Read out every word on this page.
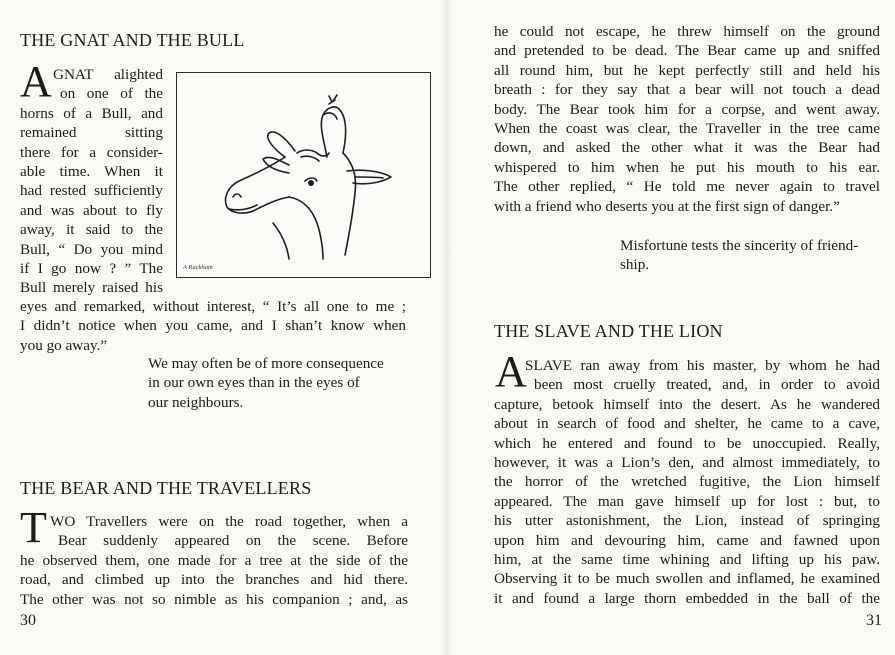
THE GNAT AND THE BULL
A GNAT alighted
on one of the
horns of a Bull, and
remained sitting
there for a consider-
able time. When it
had rested sufficiently
and was about to fly
away, it said to the
Bull, “ Do you mind
if I go now ? ” The
Bull merely raised his
eyes and remarked, without interest, “ It’s all one to me ;
I didn’t notice when you came, and I shan’t know when
you go away.”
We may often be of more consequence
in our own eyes than in the eyes of
our neighbours.
A Rackham
THE BEAR AND THE TRAVELLERS
T WO Travellers were on the road together, when a
Bear suddenly appeared on the scene. Before
he observed them, one made for a tree at the side of the
road, and climbed up into the branches and hid there.
The other was not so nimble as his companion ; and, as
30
he could not escape, he threw himself on the ground
and pretended to be dead. The Bear came up and sniffed
all round him, but he kept perfectly still and held his
breath : for they say that a bear will not touch a dead
body. The Bear took him for a corpse, and went away.
When the coast was clear, the Traveller in the tree came
down, and asked the other what it was the Bear had
whispered to him when he put his mouth to his ear.
The other replied, “ He told me never again to travel
with a friend who deserts you at the first sign of danger.”
Misfortune tests the sincerity of friend-
ship.
THE SLAVE AND THE LION
A
SLAVE ran away from his master, by whom he had
been most cruelly treated, and, in order to avoid
capture, betook himself into the desert. As he wandered
about in search of food and shelter, he came to a cave,
which he entered and found to be unoccupied. Really,
however, it was a Lion’s den, and almost immediately, to
the horror of the wretched fugitive, the Lion himself
appeared. The man gave himself up for lost : but, to
his utter astonishment, the Lion, instead of springing
upon him and devouring him, came and fawned upon
him, at the same time whining and lifting up his paw.
Observing it to be much swollen and inflamed, he examined
it and found a large thorn embedded in the ball of the
31
